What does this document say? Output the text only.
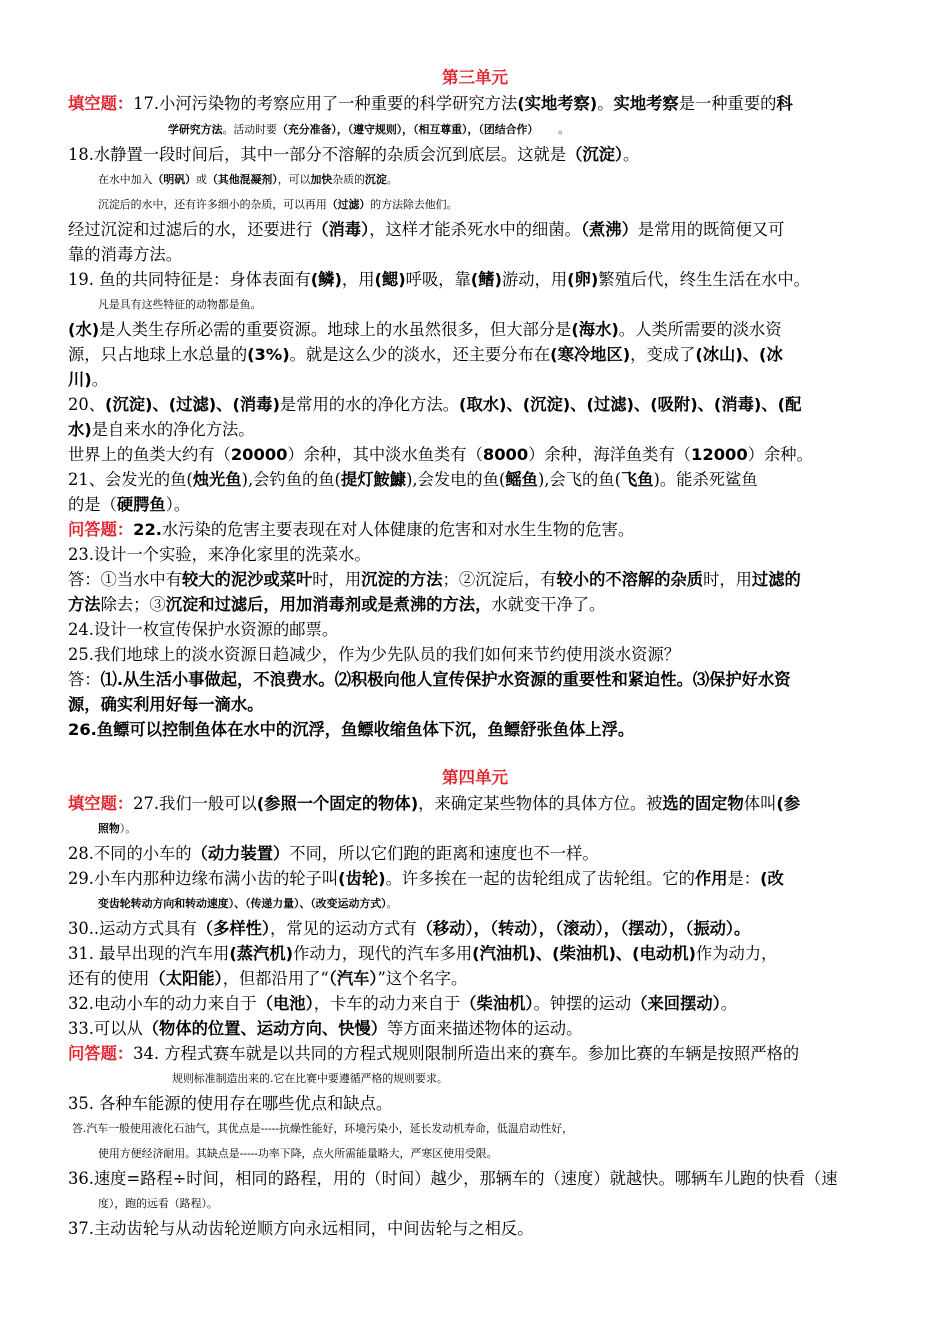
第三单元
填空题：17.小河污染物的考察应用了一种重要的科学研究方法(实地考察)。实地考察是一种重要的科
学研究方法。活动时要（充分准备），（遵守规则），（相互尊重），（团结合作）　　 。
18.水静置一段时间后，其中一部分不溶解的杂质会沉到底层。这就是（沉淀）。
在水中加入（明矾）或（其他混凝剂），可以加快杂质的沉淀。
沉淀后的水中，还有许多细小的杂质，可以再用（过滤）的方法除去他们。
经过沉淀和过滤后的水，还要进行（消毒），这样才能杀死水中的细菌。（煮沸）是常用的既简便又可
靠的消毒方法。
19. 鱼的共同特征是：身体表面有(鳞)，用(鳃)呼吸，靠(鳍)游动，用(卵)繁殖后代，终生生活在水中。
凡是具有这些特征的动物都是鱼。
(水)是人类生存所必需的重要资源。地球上的水虽然很多，但大部分是(海水)。人类所需要的淡水资
源，只占地球上水总量的(3%)。就是这么少的淡水，还主要分布在(寒冷地区)，变成了(冰山)、(冰
川)。
20、(沉淀)、(过滤)、(消毒)是常用的水的净化方法。(取水)、(沉淀)、(过滤)、(吸附)、(消毒)、(配
水)是自来水的净化方法。
世界上的鱼类大约有（20000）余种，其中淡水鱼类有（8000）余种，海洋鱼类有（12000）余种。
21、会发光的鱼(烛光鱼),会钓鱼的鱼(提灯鮟鱇),会发电的鱼(鳐鱼),会飞的鱼(飞鱼)。能杀死鲨鱼
的是（硬腭鱼）。
问答题：22.水污染的危害主要表现在对人体健康的危害和对水生生物的危害。
23.设计一个实验，来净化家里的洗菜水。
答：①当水中有较大的泥沙或菜叶时，用沉淀的方法；②沉淀后，有较小的不溶解的杂质时，用过滤的
方法除去；③沉淀和过滤后，用加消毒剂或是煮沸的方法，水就变干净了。
24.设计一枚宣传保护水资源的邮票。
25.我们地球上的淡水资源日趋减少，作为少先队员的我们如何来节约使用淡水资源？
答：⑴.从生活小事做起，不浪费水。⑵积极向他人宣传保护水资源的重要性和紧迫性。⑶保护好水资
源，确实利用好每一滴水。
26.鱼鳔可以控制鱼体在水中的沉浮，鱼鳔收缩鱼体下沉，鱼鳔舒张鱼体上浮。
第四单元
填空题：27.我们一般可以(参照一个固定的物体)，来确定某些物体的具体方位。被选的固定物体叫(参
照物）。
28.不同的小车的（动力装置）不同，所以它们跑的距离和速度也不一样。
29.小车内那种边缘布满小齿的轮子叫(齿轮)。许多挨在一起的齿轮组成了齿轮组。它的作用是：(改
变齿轮转动方向和转动速度）、（传递力量）、（改变运动方式）。
30..运动方式具有（多样性），常见的运动方式有（移动），（转动），（滚动），（摆动），（振动）。
31. 最早出现的汽车用(蒸汽机)作动力，现代的汽车多用(汽油机)、(柴油机)、(电动机)作为动力，
还有的使用（太阳能），但都沿用了“（汽车）”这个名字。
32.电动小车的动力来自于（电池），卡车的动力来自于（柴油机）。钟摆的运动（来回摆动）。
33.可以从（物体的位置、运动方向、快慢）等方面来描述物体的运动。
问答题：34. 方程式赛车就是以共同的方程式规则限制所造出来的赛车。参加比赛的车辆是按照严格的
规则标准制造出来的.它在比赛中要遵循严格的规则要求。
35. 各种车能源的使用存在哪些优点和缺点。
答.汽车一般使用液化石油气，其优点是-----抗燥性能好，环境污染小，延长发动机寿命，低温启动性好，
使用方便经济耐用。其缺点是-----功率下降，点火所需能量略大，严寒区使用受限。
36.速度=路程÷时间，相同的路程，用的（时间）越少，那辆车的（速度）就越快。哪辆车儿跑的快看（速
度），跑的远看（路程）。
37.主动齿轮与从动齿轮逆顺方向永远相同，中间齿轮与之相反。
